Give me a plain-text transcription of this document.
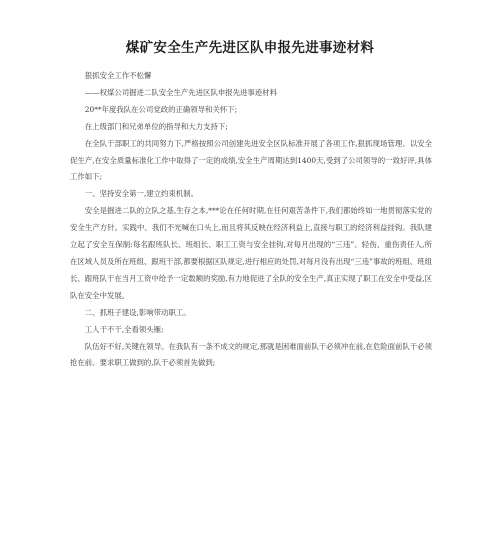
煤矿安全生产先进区队申报先进事迹材料

狠抓安全工作不松懈

——权煤公司掘进二队安全生产先进区队申报先进事迹材料

20**年度我队在公司党政的正确领导和关怀下;

在上级部门和兄弟单位的指导和大力支持下;

在全队干部职工的共同努力下,严格按照公司创建先进安全区队标准开展了各项工作,狠抓现场管理、以安全促生产,在安全质量标准化工作中取得了一定的成绩,安全生产周期达到1400天,受到了公司领导的一致好评,具体工作如下;

一、坚持安全第一,建立约束机制。

安全是掘进二队的立队之基,生存之本,***论在任何时期,在任何艰苦条件下,我们都始终如一地贯彻落实党的安全生产方针。实践中、我们不光喊在口头上,而且将其反映在经济利益上,直接与职工的经济利益挂钩。我队建立起了安全互保制:每名跟班队长、班组长、职工工资与安全挂钩,对每月出现的“三违”、轻伤、重伤责任人,所在区域人员及所在班组、跟班干部,都要根据区队规定,进行相应的处罚,对每月没有出现“三违”事故的班组、班组长、跟班队干在当月工资中给予一定数额的奖励,有力地促进了全队的安全生产,真正实现了职工在安全中受益,区队在安全中发展。

二、抓班子建设,影响带动职工。

工人干不干,全看领头雁;

队伍好不好,关键在领导。在我队有一条不成文的规定,那就是困难面前队干必须冲在前,在危险面前队干必须抢在前、要求职工做到的,队干必须首先做到;
